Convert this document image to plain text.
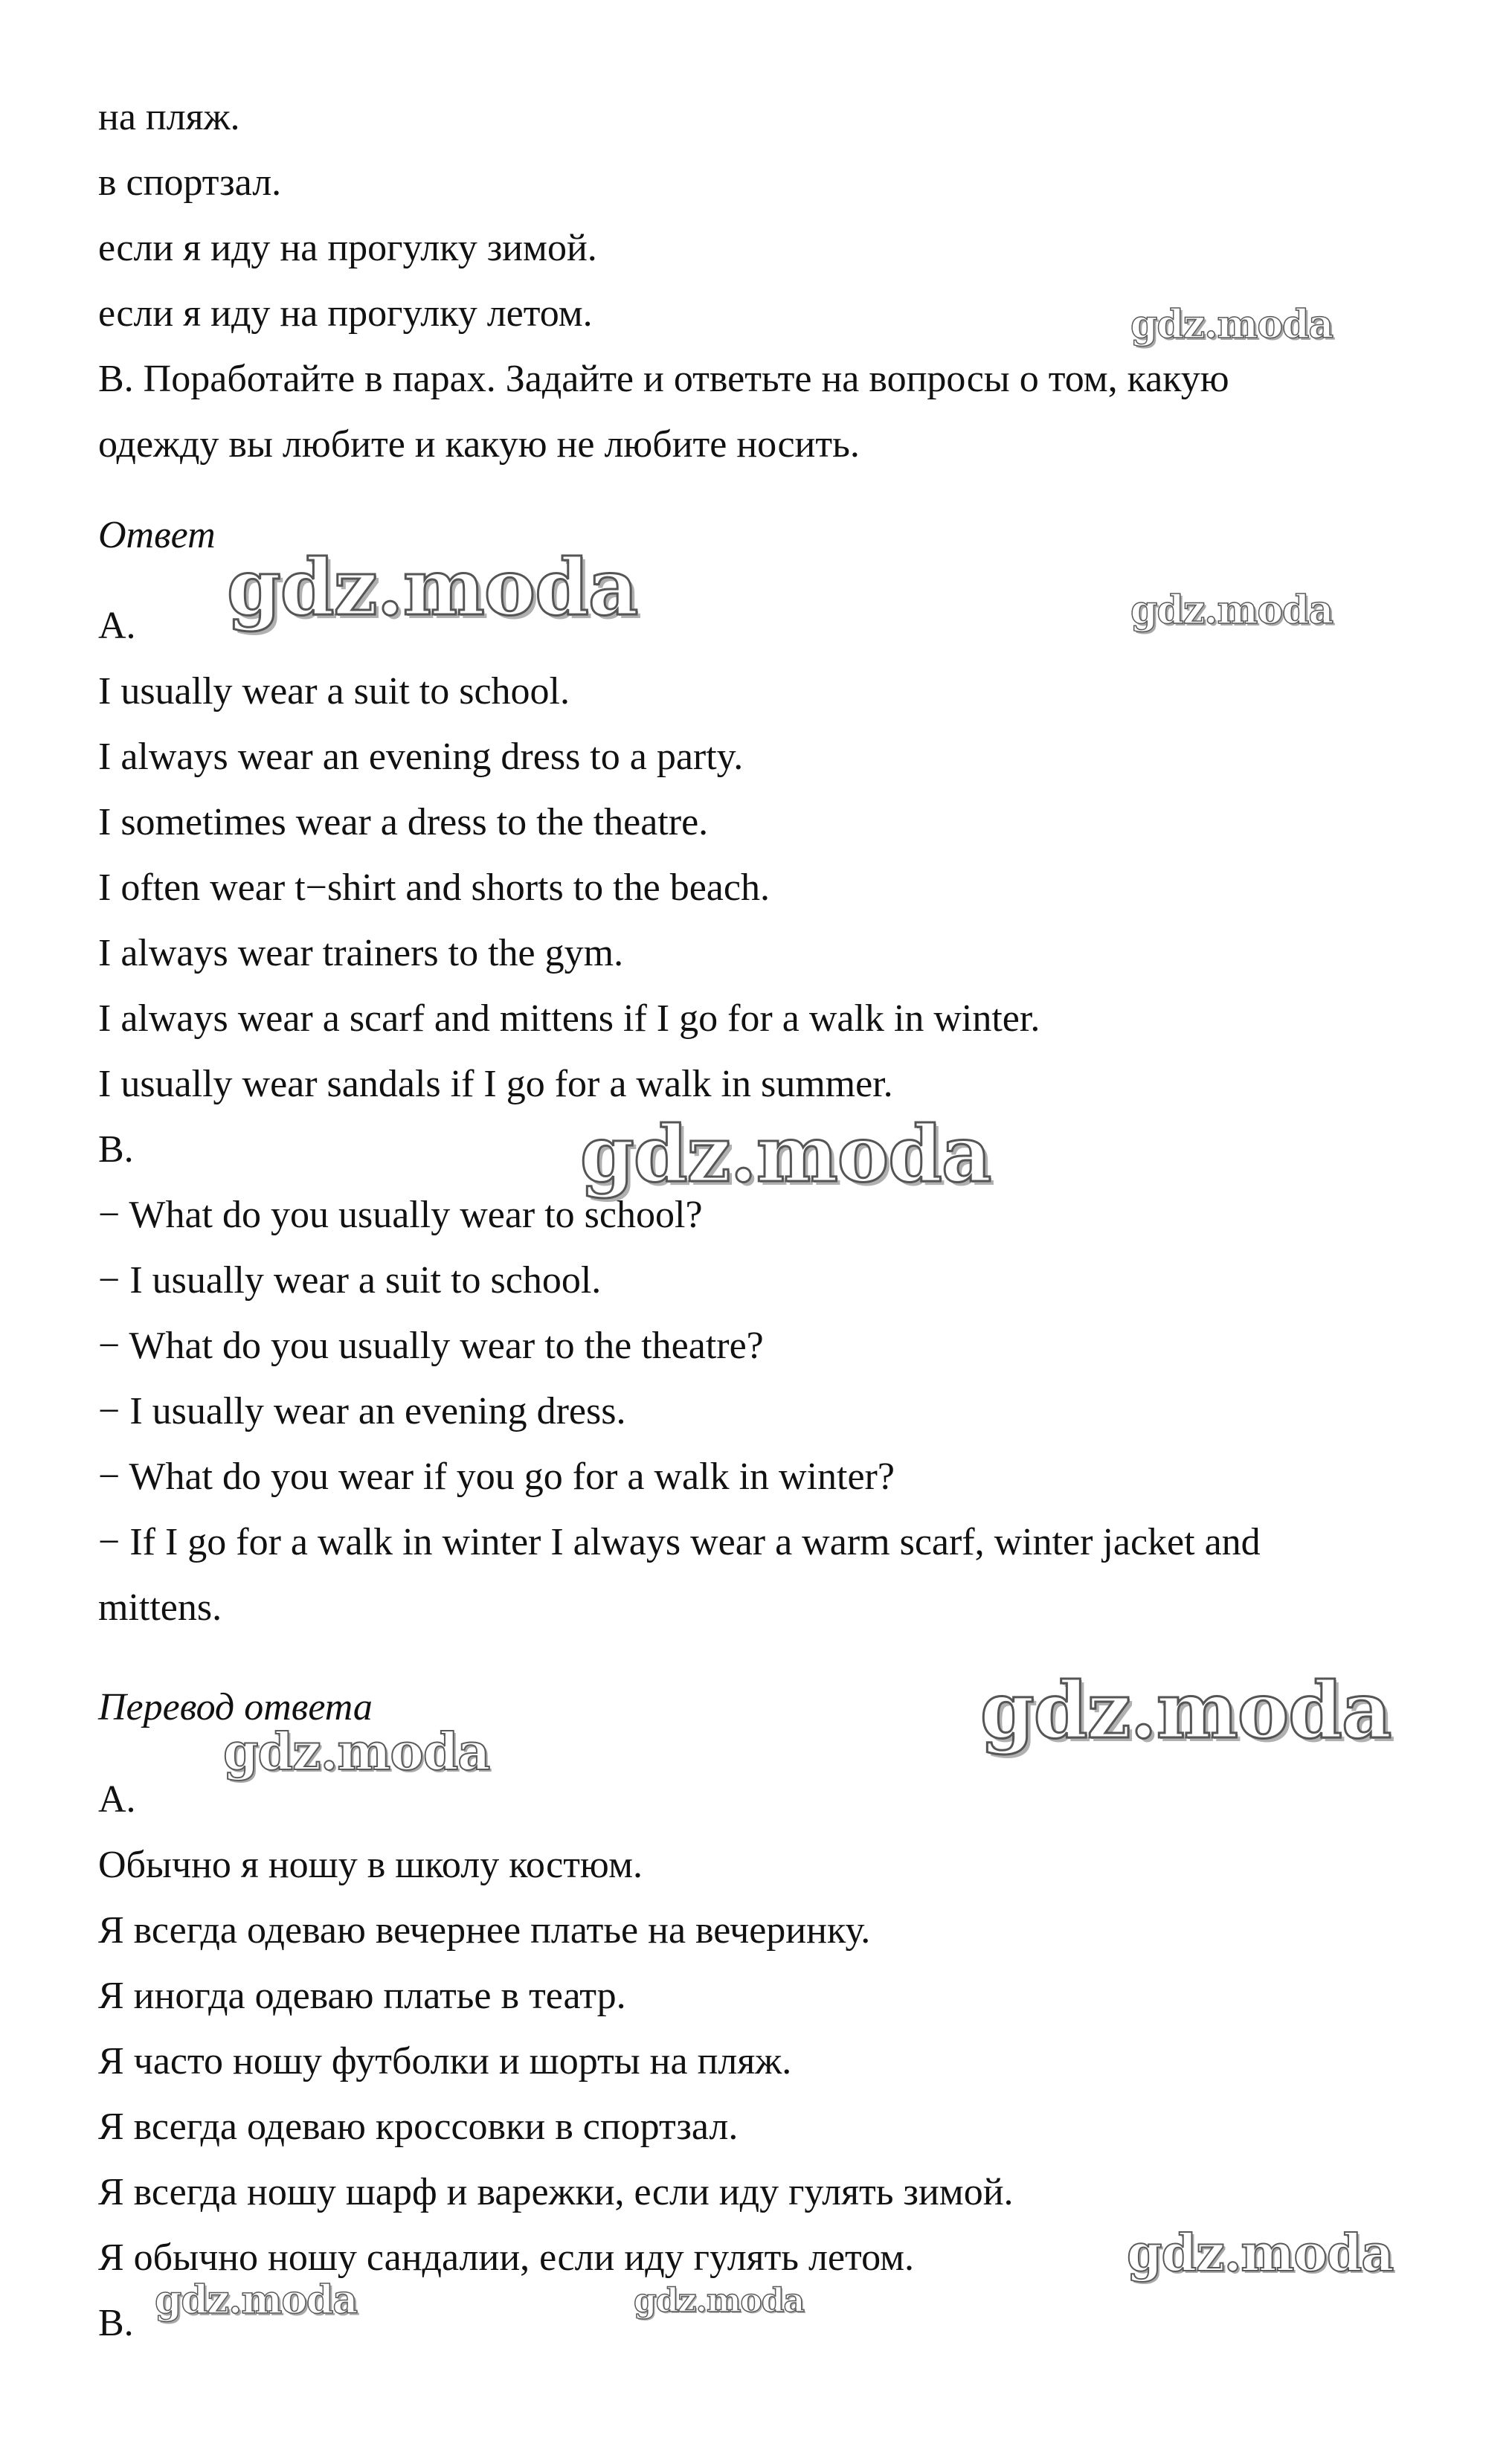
на пляж.
в спортзал.
если я иду на прогулку зимой.
если я иду на прогулку летом.
B. Поработайте в парах. Задайте и ответьте на вопросы о том, какую
одежду вы любите и какую не любите носить.
Ответ
A.
I usually wear a suit to school.
I always wear an evening dress to a party.
I sometimes wear a dress to the theatre.
I often wear t−shirt and shorts to the beach.
I always wear trainers to the gym.
I always wear a scarf and mittens if I go for a walk in winter.
I usually wear sandals if I go for a walk in summer.
B.
− What do you usually wear to school?
− I usually wear a suit to school.
− What do you usually wear to the theatre?
− I usually wear an evening dress.
− What do you wear if you go for a walk in winter?
− If I go for a walk in winter I always wear a warm scarf, winter jacket and
mittens.
Перевод ответа
A.
Обычно я ношу в школу костюм.
Я всегда одеваю вечернее платье на вечеринку.
Я иногда одеваю платье в театр.
Я часто ношу футболки и шорты на пляж.
Я всегда одеваю кроссовки в спортзал.
Я всегда ношу шарф и варежки, если иду гулять зимой.
Я обычно ношу сандалии, если иду гулять летом.
B.
gdz.moda
gdz.moda	gdz.moda
gdz.moda
gdz.moda
gdz.moda
gdz.moda
gdz.moda	gdz.moda
